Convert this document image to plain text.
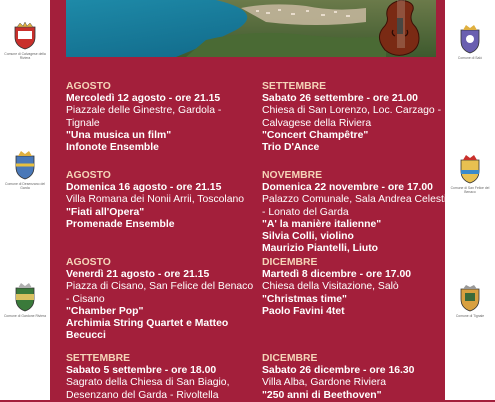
Comune di Calvagese della Riviera
Comune di Desenzano del Garda
Comune di Gardone Riviera
Comune di Salò
Comune di San Felice del Benaco
Comune di Tignale
AGOSTO
Mercoledì 12 agosto - ore 21.15
Piazzale delle Ginestre, Gardola - Tignale
"Una musica un film"
Infonote Ensemble
SETTEMBRE
Sabato 26 settembre - ore 21.00
Chiesa di San Lorenzo, Loc. Carzago - Calvagese della Riviera
"Concert Champêtre"
Trio D'Ance
AGOSTO
Domenica 16 agosto - ore 21.15
Villa Romana dei Nonii Arrii, Toscolano
"Fiati all'Opera"
Promenade Ensemble
NOVEMBRE
Domenica 22 novembre - ore 17.00
Palazzo Comunale, Sala Andrea Celesti - Lonato del Garda
"A' la manière italienne"
Silvia Colli, violino
Maurizio Piantelli, Liuto
AGOSTO
Venerdì 21 agosto - ore 21.15
Piazza di Cisano, San Felice del Benaco - Cisano
"Chamber Pop"
Archimia String Quartet e Matteo Becucci
DICEMBRE
Martedì 8 dicembre - ore 17.00
Chiesa della Visitazione, Salò
"Christmas time"
Paolo Favini 4tet
SETTEMBRE
Sabato 5 settembre - ore 18.00
Sagrato della Chiesa di San Biagio, Desenzano del Garda - Rivoltella
DICEMBRE
Sabato 26 dicembre - ore 16.30
Villa Alba, Gardone Riviera
"250 anni di Beethoven"
